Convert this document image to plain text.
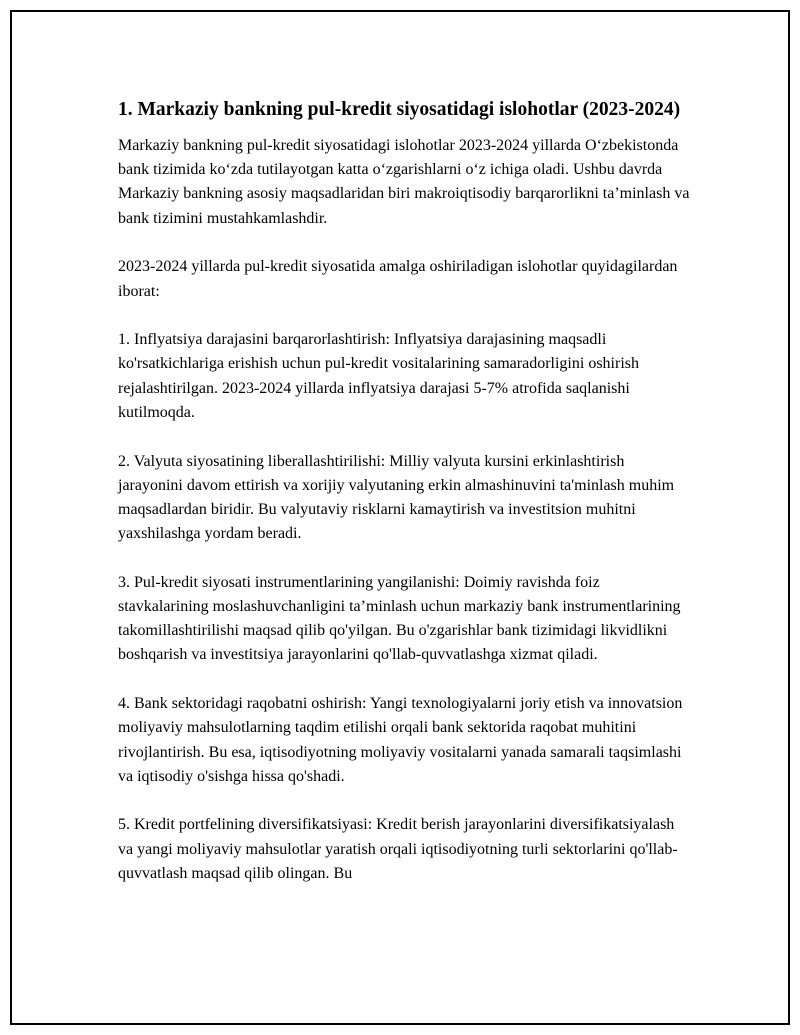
1. Markaziy bankning pul-kredit siyosatidagi islohotlar (2023-2024)

Markaziy bankning pul-kredit siyosatidagi islohotlar 2023-2024 yillarda O‘zbekistonda bank tizimida ko‘zda tutilayotgan katta o‘zgarishlarni o‘z ichiga oladi. Ushbu davrda Markaziy bankning asosiy maqsadlaridan biri makroiqtisodiy barqarorlikni ta’minlash va bank tizimini mustahkamlashdir.

2023-2024 yillarda pul-kredit siyosatida amalga oshiriladigan islohotlar quyidagilardan iborat:

1. Inflyatsiya darajasini barqarorlashtirish: Inflyatsiya darajasining maqsadli ko'rsatkichlariga erishish uchun pul-kredit vositalarining samaradorligini oshirish rejalashtirilgan. 2023-2024 yillarda inflyatsiya darajasi 5-7% atrofida saqlanishi kutilmoqda.

2. Valyuta siyosatining liberallashtirilishi: Milliy valyuta kursini erkinlashtirish jarayonini davom ettirish va xorijiy valyutaning erkin almashinuvini ta'minlash muhim maqsadlardan biridir. Bu valyutaviy risklarni kamaytirish va investitsion muhitni yaxshilashga yordam beradi.

3. Pul-kredit siyosati instrumentlarining yangilanishi: Doimiy ravishda foiz stavkalarining moslashuvchanligini ta’minlash uchun markaziy bank instrumentlarining takomillashtirilishi maqsad qilib qo'yilgan. Bu o'zgarishlar bank tizimidagi likvidlikni boshqarish va investitsiya jarayonlarini qo'llab-quvvatlashga xizmat qiladi.

4. Bank sektoridagi raqobatni oshirish: Yangi texnologiyalarni joriy etish va innovatsion moliyaviy mahsulotlarning taqdim etilishi orqali bank sektorida raqobat muhitini rivojlantirish. Bu esa, iqtisodiyotning moliyaviy vositalarni yanada samarali taqsimlashi va iqtisodiy o'sishga hissa qo'shadi.

5. Kredit portfelining diversifikatsiyasi: Kredit berish jarayonlarini diversifikatsiyalash va yangi moliyaviy mahsulotlar yaratish orqali iqtisodiyotning turli sektorlarini qo'llab-quvvatlash maqsad qilib olingan. Bu
